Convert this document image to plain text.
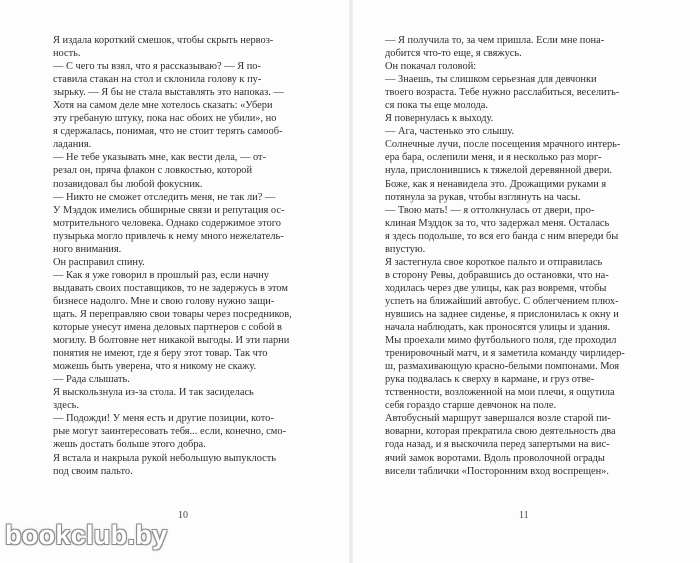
Я издала короткий смешок, чтобы скрыть нервоз-
ность.
— С чего ты взял, что я рассказываю? — Я по-
ставила стакан на стол и склонила голову к пу-
зырьку. — Я бы не стала выставлять это напоказ. —
Хотя на самом деле мне хотелось сказать: «Убери
эту гребаную штуку, пока нас обоих не убили», но
я сдержалась, понимая, что не стоит терять самооб-
ладания.
— Не тебе указывать мне, как вести дела, — от-
резал он, пряча флакон с ловкостью, которой
позавидовал бы любой фокусник.
— Никто не сможет отследить меня, не так ли? —
У Мэддок имелись обширные связи и репутация ос-
мотрительного человека. Однако содержимое этого
пузырька могло привлечь к нему много нежелатель-
ного внимания.
Он расправил спину.
— Как я уже говорил в прошлый раз, если начну
выдавать своих поставщиков, то не задержусь в этом
бизнесе надолго. Мне и свою голову нужно защи-
щать. Я переправляю свои товары через посредников,
которые унесут имена деловых партнеров с собой в
могилу. В болтовне нет никакой выгоды. И эти парни
понятия не имеют, где я беру этот товар. Так что
можешь быть уверена, что я никому не скажу.
— Рада слышать.
Я выскользнула из-за стола. И так засиделась
здесь.
— Подожди! У меня есть и другие позиции, кото-
рые могут заинтересовать тебя... если, конечно, смо-
жешь достать больше этого добра.
Я встала и накрыла рукой небольшую выпуклость
под своим пальто.
10
— Я получила то, за чем пришла. Если мне пона-
добится что-то еще, я свяжусь.
Он покачал головой:
— Знаешь, ты слишком серьезная для девчонки
твоего возраста. Тебе нужно расслабиться, веселить-
ся пока ты еще молода.
Я повернулась к выходу.
— Ага, частенько это слышу.
Солнечные лучи, после посещения мрачного интерь-
ера бара, ослепили меня, и я несколько раз морг-
нула, прислонившись к тяжелой деревянной двери.
Боже, как я ненавидела это. Дрожащими руками я
потянула за рукав, чтобы взглянуть на часы.
— Твою мать! — я оттолкнулась от двери, про-
клиная Мэддок за то, что задержал меня. Осталась
я здесь подольше, то вся его банда с ним впереди бы
впустую.
Я застегнула свое короткое пальто и отправилась
в сторону Ревы, добравшись до остановки, что на-
ходилась через две улицы, как раз вовремя, чтобы
успеть на ближайший автобус. С облегчением плюх-
нувшись на заднее сиденье, я прислонилась к окну и
начала наблюдать, как проносятся улицы и здания.
Мы проехали мимо футбольного поля, где проходил
тренировочный матч, и я заметила команду чирлидер-
ш, размахивающую красно-белыми помпонами. Моя
рука подвалась к сверху в кармане, и груз отве-
тственности, возложенной на мои плечи, я ощутила
себя гораздо старше девчонок на поле.
Автобусный маршрут завершался возле старой пи-
воварни, которая прекратила свою деятельность два
года назад, и я выскочила перед запертыми на вис-
ячий замок воротами. Вдоль проволочной ограды
висели таблички «Посторонним вход воспрещен».
11
bookclub.by
